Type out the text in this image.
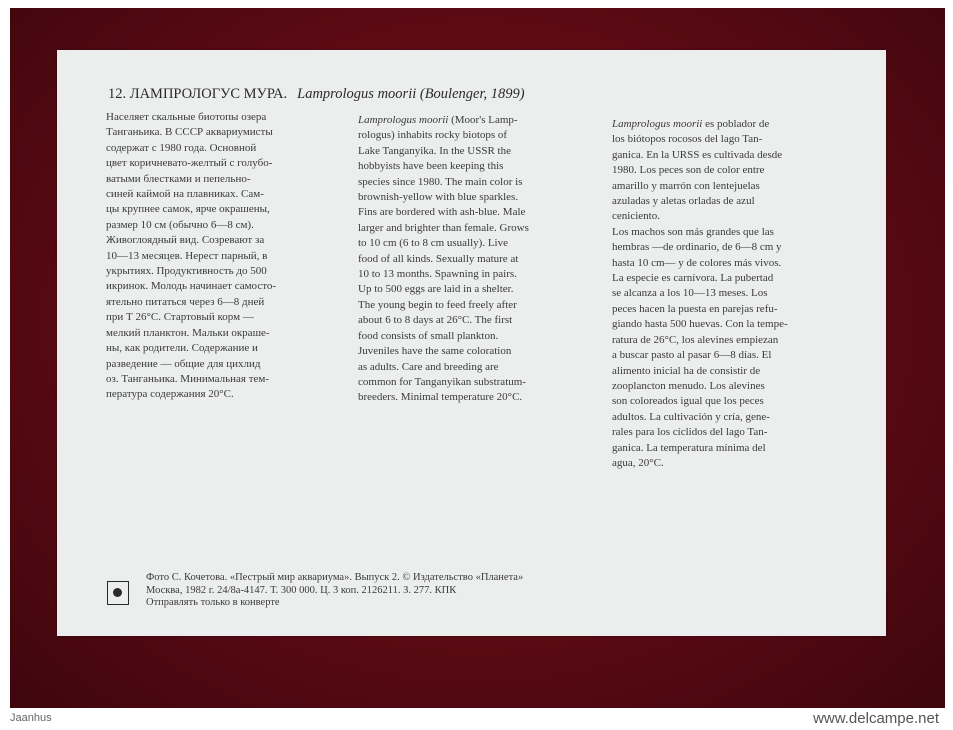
12. ЛАМПРОЛОГУС МУРА. Lamprologus moorii (Boulenger, 1899)
Населяет скальные биотопы озера
Танганьика. В СССР аквариумисты
содержат с 1980 года. Основной
цвет коричневато-желтый с голубо-
ватыми блестками и пепельно-
синей каймой на плавниках. Сам-
цы крупнее самок, ярче окрашены,
размер 10 см (обычно 6—8 см).
Живоглоядный вид. Созревают за
10—13 месяцев. Нерест парный, в
укрытиях. Продуктивность до 500
икринок. Молодь начинает самосто-
ятельно питаться через 6—8 дней
при Т 26°С. Стартовый корм —
мелкий планктон. Мальки окраше-
ны, как родители. Содержание и
разведение — общие для цихлид
оз. Танганьика. Минимальная тем-
пература содержания 20°С.
Lamprologus moorii (Moor's Lamp-
rologus) inhabits rocky biotops of
Lake Tanganyika. In the USSR the
hobbyists have been keeping this
species since 1980. The main color is
brownish-yellow with blue sparkles.
Fins are bordered with ash-blue. Male
larger and brighter than female. Grows
to 10 cm (6 to 8 cm usually). Live
food of all kinds. Sexually mature at
10 to 13 months. Spawning in pairs.
Up to 500 eggs are laid in a shelter.
The young begin to feed freely after
about 6 to 8 days at 26°C. The first
food consists of small plankton.
Juveniles have the same coloration
as adults. Care and breeding are
common for Tanganyikan substratum-
breeders. Minimal temperature 20°C.
Lamprologus moorii es poblador de
los biótopos rocosos del lago Tan-
ganica. En la URSS es cultivada desde
1980. Los peces son de color entre
amarillo y marrón con lentejuelas
azuladas y aletas orladas de azul
ceniciento.
Los machos son más grandes que las
hembras —de ordinario, de 6—8 cm y
hasta 10 cm— y de colores más vivos.
La especie es carnívora. La pubertad
se alcanza a los 10—13 meses. Los
peces hacen la puesta en parejas refu-
giando hasta 500 huevas. Con la tempe-
ratura de 26°C, los alevines empiezan
a buscar pasto al pasar 6—8 días. El
alimento inicial ha de consistir de
zooplancton menudo. Los alevines
son coloreados igual que los peces
adultos. La cultivación y cría, gene-
rales para los cíclidos del lago Tan-
ganica. La temperatura mínima del
agua, 20°C.
Фото С. Кочетова. «Пестрый мир аквариума». Выпуск 2. © Издательство «Планета»
Москва, 1982 г. 24/8а-4147. Т. 300 000. Ц. 3 коп. 2126211. З. 277. КПК
Отправлять только в конверте
Jaanhus	www.delcampe.net
